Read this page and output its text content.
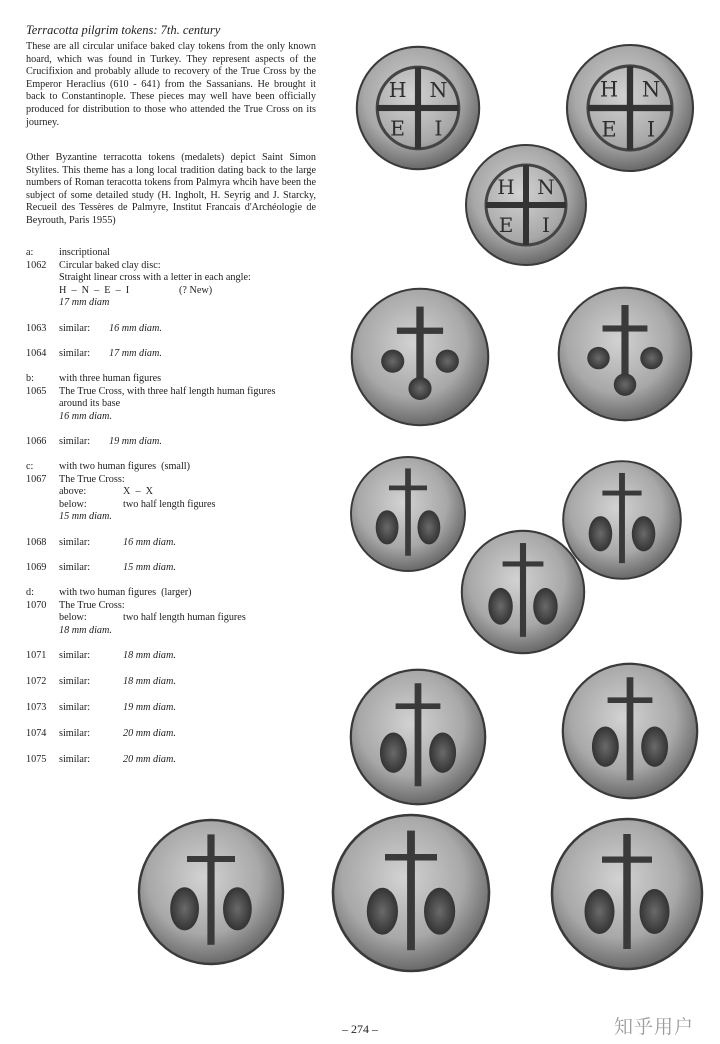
Terracotta pilgrim tokens: 7th. century

These are all circular uniface baked clay tokens from the only known hoard, which was found in Turkey. They represent aspects of the Crucifixion and probably allude to recovery of the True Cross by the Emperor Heraclius (610 - 641) from the Sassanians. He brought it back to Constantinople. These pieces may well have been officially produced for distribution to those who attended the True Cross on its journey.

Other Byzantine terracotta tokens (medalets) depict Saint Simon Stylites. This theme has a long local tradition dating back to the large numbers of Roman teracotta tokens from Palmyra whcih have been the subject of some detailed study (H. Ingholt, H. Seyrig and J. Starcky, Recueil des Tessères de Palmyre, Institut Francais d'Archéologie de Beyrouth, Paris 1955)

a:	inscriptional
1062	Circular baked clay disc:
Straight linear cross with a letter in each angle:
H  –  N  –  E  –  I	(? New)
17 mm diam
1063	similar: 16 mm diam.
1064	similar: 17 mm diam.
b:	with three human figures
1065	The True Cross, with three half length human figures
around its base
16 mm diam.
1066	similar: 19 mm diam.
c:	with two human figures  (small)
1067	The True Cross:
above:	X  –  X
below:	two half length figures
15 mm diam.
1068	similar:	16 mm diam.
1069	similar:	15 mm diam.
d:	with two human figures  (larger)
1070	The True Cross:
below:	two half length human figures
18 mm diam.
1071	similar:	18 mm diam.
1072	similar:	18 mm diam.
1073	similar:	19 mm diam.
1074	similar:	20 mm diam.
1075	similar:	20 mm diam.
I
– 274 –	知乎用户
